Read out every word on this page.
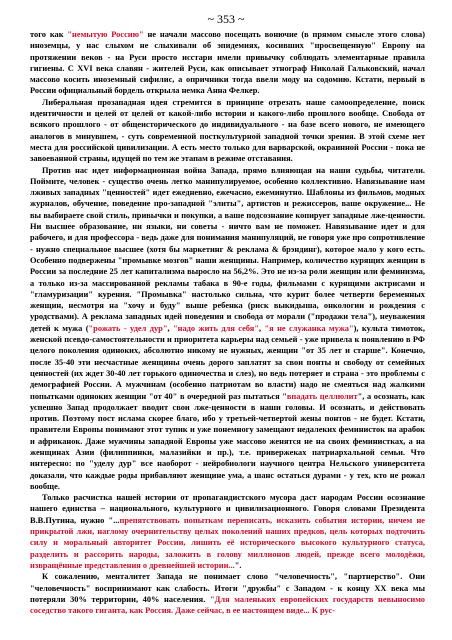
~ 353 ~

того как "немытую Россию" не начали массово посещать вонючие (в прямом смысле этого слова) иноземцы, у нас слыхом не слыхивали об эпидемиях, косивших "просвещенную" Европу на протяжении веков - на Руси просто исстари имели привычку соблюдать элементарные правила гигиены. С XVI века славян - жителей Руси, как описывает этнограф Николай Гальковский, начал массово косить иноземный сифилис, а опричники тогда ввели моду на содомию. Кстати, первый в России официальный бордель открыла немка Анна Фелкер.

Либеральная прозападная идея стремится в принципе отрезать наше самоопределение, поиск идентичности и целей от целей от какой-либо истории и какого-либо прошлого вообще. Свобода от всякого прошлого - от общеисторического до индивидуального - на базе всего нового, не имеющего аналогов в минувшем, - суть современной посткультурной западной точки зрения. В этой схеме нет места для российской цивилизации. А есть место только для варварской, окраинной России - пока не завоеванной страны, идущей по тем же этапам в режиме отставания.

Против нас идет информационная война Запада, прямо влияющая на наши судьбы, читатели. Поймите, человек - существо очень легко манипулируемое, особенно коллективно. Навязывание нам лживых западных "ценностей" идет ежедневно, ежечасно, ежеминутно. Шаблоны из фильмов, модных журналов, обучение, поведение про-западной "элиты", артистов и режиссеров, ваше окружение... Не вы выбираете свой стиль, привычки и покупки, а ваше подсознание копирует западные лже-ценности. Ни высшее образование, ни языки, ни советы - ничто вам не поможет. Навязывание идет и для рабочего, и для профессора - ведь даже для понимания манипуляций, не говоря уже про сопротивление - нужно специальное высшее (хотя бы маркетинг & реклама & брэндинг), которое мало у кого есть. Особенно подвержены "промывке мозгов" наши женщины. Например, количество курящих женщин в России за последние 25 лет капитализма выросло на 56,2%. Это не из-за роли женщин или феминизма, а только из-за массированной рекламы табака в 90-е годы, фильмами с курящими актрисами и "гламуризации" курения. "Промывка" настолько сильна, что курит более четверти беременных женщин, несмотря на "хочу и буду" выше ребенка (риск выкидыша, онкологии и рождения с уродствами). А реклама западных идей поведения и свобода от морали ("продажи тела"), неуважения детей к мужа ("рожать - удел дур", "надо жить для себя", "я не служанка мужа"), культа тимоток, женской псевдо-самостоятельности и приоритета карьеры над семьей - уже привела к появлению в РФ целого поколения одиноких, абсолютно никому не нужных, женщин "от 35 лет и старше". Конечно, после 35-40 эти несчастные женщины очень дорого заплатят за свои понты и свободу от семейных ценностей (их ждет 30-40 лет горького одиночества и слез), но ведь потеряет и страна - это проблемы с демографией России. А мужчинам (особенно патриотам во власти) надо не смеяться над жалкими попытками одиноких женщин "от 40" в очередной раз пытаться "впадать целлюлит", а осознать, как успешно Запад продолжает вводит свои лже-ценности в наши головы. И осознать, и действовать против. Поэтому пост ислама скорее благо, ибо у третьей-четвертой жены понтов - не будет. Кстати, правители Европы понимают этот тупик и уже понемногу замещают недалеких феминисток на арабок и африканок. Даже мужчины западной Европы уже массово женятся не на своих феминистках, а на женщинах Азии (филиппинки, малазийки и пр.), т.е. привержеках патриархальной семьи. Что интересно: по "уделу дур" все наоборот - нейробиологи научного центра Нельского университета доказали, что каждые роды прибавляют женщине ума, а шанс остаться дурами - у тех, кто не рожал вообще.

Только расчистка нашей истории от пропагандистского мусора даст народам России осознание нашего единства – национального, культурного и цивилизационного. Говоря словами Президента В.В.Путина, нужно "...препятствовать попыткам переписать, исказить события истории, ничем не прикрытой лжи, наглому очернительству целых поколений наших предков, цель которых подточить силу и моральный авторитет России, лишить её исторического высокого культурного статуса, разделить и рассорить народы, заложить в голову миллионов людей, прежде всего молодёжи, извращённые представления о древнейшей истории...".

К сожалению, менталитет Запада не понимает слово "человечность", "партнерство". Они "человечность" воспринимают как слабость. Итоги "дружбы" с Западом - к концу XX века мы потеряли 30% территории, 40% населения. "Для маленьких европейских государств невыносимо соседство такого гиганта, как Россия. Даже сейчас, в ее настоящем виде... К рус-
